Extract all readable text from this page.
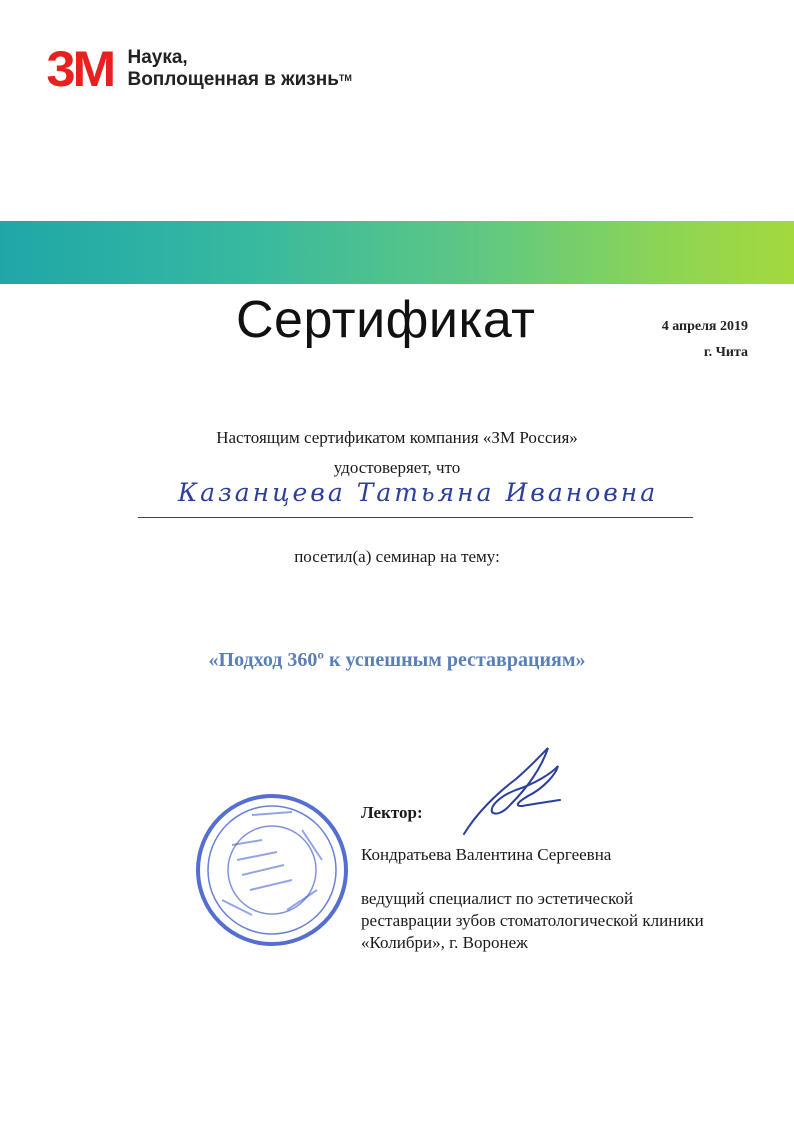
3M Наука,
Воплощенная в жизнь™
Сертификат	4 апреля 2019
г. Чита
Настоящим сертификатом компания «ЗМ Россия»
удостоверяет, что
Казанцева Татьяна Ивановна
посетил(а) семинар на тему:
«Подход 360º к успешным реставрациям»
Лектор:
Кондратьева Валентина Сергеевна
ведущий специалист по эстетической
реставрации зубов стоматологической клиники
«Колибри», г. Воронеж
